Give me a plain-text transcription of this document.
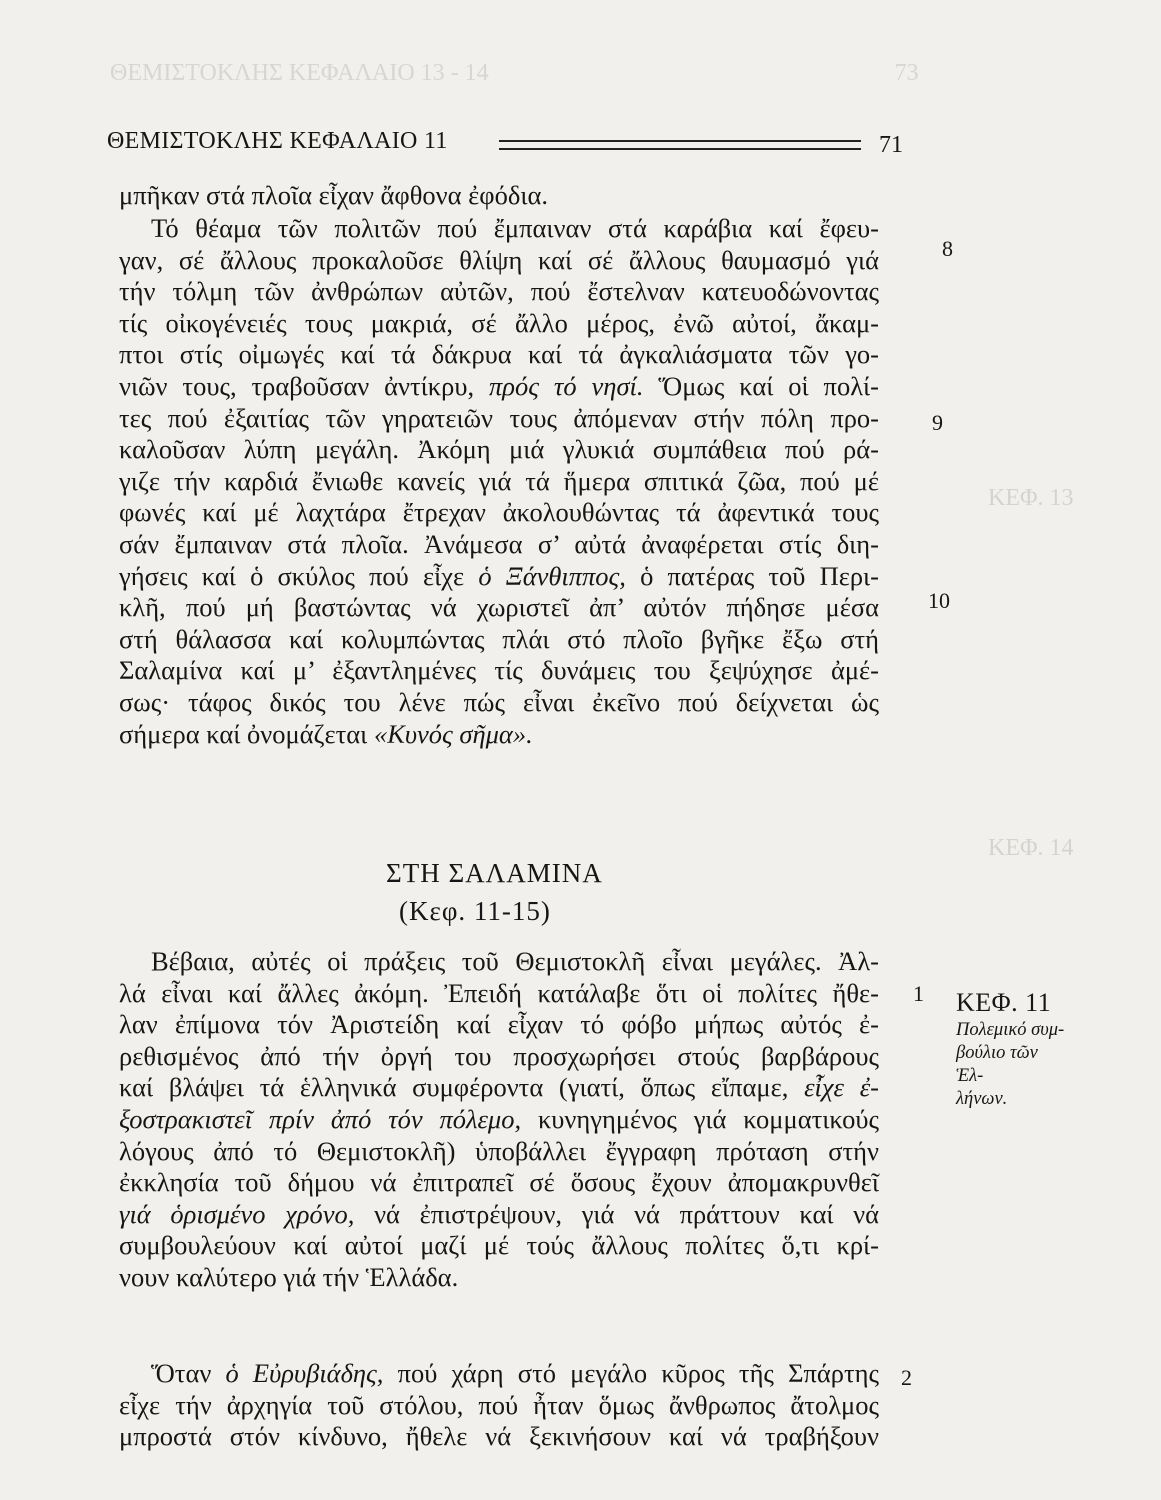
ΘΕΜΙΣΤΟΚΛΗΣ ΚΕΦΑΛΑΙΟ 13 - 14	73
ΚΕΦ. 13
ΚΕΦ. 14
ΘΕΜΙΣΤΟΚΛΗΣ ΚΕΦΑΛΑΙΟ 11	71
μπῆκαν στά πλοῖα εἶχαν ἄφθονα ἐφόδια.
Τό θέαμα τῶν πολιτῶν πού ἔμπαιναν στά καράβια καί ἔφευ-
γαν, σέ ἄλλους προκαλοῦσε θλίψη καί σέ ἄλλους θαυμασμό γιά
τήν τόλμη τῶν ἀνθρώπων αὐτῶν, πού ἔστελναν κατευοδώνοντας
τίς οἰκογένειές τους μακριά, σέ ἄλλο μέρος, ἐνῶ αὐτοί, ἄκαμ-
πτοι στίς οἰμωγές καί τά δάκρυα καί τά ἀγκαλιάσματα τῶν γο-
νιῶν τους, τραβοῦσαν ἀντίκρυ, πρός τό νησί. Ὅμως καί οἱ πολί-
τες πού ἐξαιτίας τῶν γηρατειῶν τους ἀπόμεναν στήν πόλη προ-
καλοῦσαν λύπη μεγάλη. Ἀκόμη μιά γλυκιά συμπάθεια πού ρά-
γιζε τήν καρδιά ἔνιωθε κανείς γιά τά ἥμερα σπιτικά ζῶα, πού μέ
φωνές καί μέ λαχτάρα ἔτρεχαν ἀκολουθώντας τά ἀφεντικά τους
σάν ἔμπαιναν στά πλοῖα. Ἀνάμεσα σ’ αὐτά ἀναφέρεται στίς διη-
γήσεις καί ὁ σκύλος πού εἶχε ὁ Ξάνθιππος, ὁ πατέρας τοῦ Περι-
κλῆ, πού μή βαστώντας νά χωριστεῖ ἀπ’ αὐτόν πήδησε μέσα
στή θάλασσα καί κολυμπώντας πλάι στό πλοῖο βγῆκε ἔξω στή
Σαλαμίνα καί μ’ ἐξαντλημένες τίς δυνάμεις του ξεψύχησε ἀμέ-
σως· τάφος δικός του λένε πώς εἶναι ἐκεῖνο πού δείχνεται ὡς
σήμερα καί ὀνομάζεται «Κυνός σῆμα».
8
9
10
ΣΤΗ ΣΑΛΑΜΙΝΑ
(Κεφ. 11-15)
Βέβαια, αὐτές οἱ πράξεις τοῦ Θεμιστοκλῆ εἶναι μεγάλες. Ἀλ-
λά εἶναι καί ἄλλες ἀκόμη. Ἐπειδή κατάλαβε ὅτι οἱ πολίτες ἤθε-
λαν ἐπίμονα τόν Ἀριστείδη καί εἶχαν τό φόβο μήπως αὐτός ἐ-
ρεθισμένος ἀπό τήν ὀργή του προσχωρήσει στούς βαρβάρους
καί βλάψει τά ἑλληνικά συμφέροντα (γιατί, ὅπως εἴπαμε, εἶχε ἐ-
ξοστρακιστεῖ πρίν ἀπό τόν πόλεμο, κυνηγημένος γιά κομματικούς
λόγους ἀπό τό Θεμιστοκλῆ) ὑποβάλλει ἔγγραφη πρόταση στήν
ἐκκλησία τοῦ δήμου νά ἐπιτραπεῖ σέ ὅσους ἔχουν ἀπομακρυνθεῖ
γιά ὁρισμένο χρόνο, νά ἐπιστρέψουν, γιά νά πράττουν καί νά
συμβουλεύουν καί αὐτοί μαζί μέ τούς ἄλλους πολίτες ὅ,τι κρί-
νουν καλύτερο γιά τήν Ἑλλάδα.
1 ΚΕΦ. 11
Πολεμικό συμ-
βούλιο τῶν Ἑλ-
λήνων.
Ὅταν ὁ Εὐρυβιάδης, πού χάρη στό μεγάλο κῦρος τῆς Σπάρτης
εἶχε τήν ἀρχηγία τοῦ στόλου, πού ἦταν ὅμως ἄνθρωπος ἄτολμος
μπροστά στόν κίνδυνο, ἤθελε νά ξεκινήσουν καί νά τραβήξουν
2
